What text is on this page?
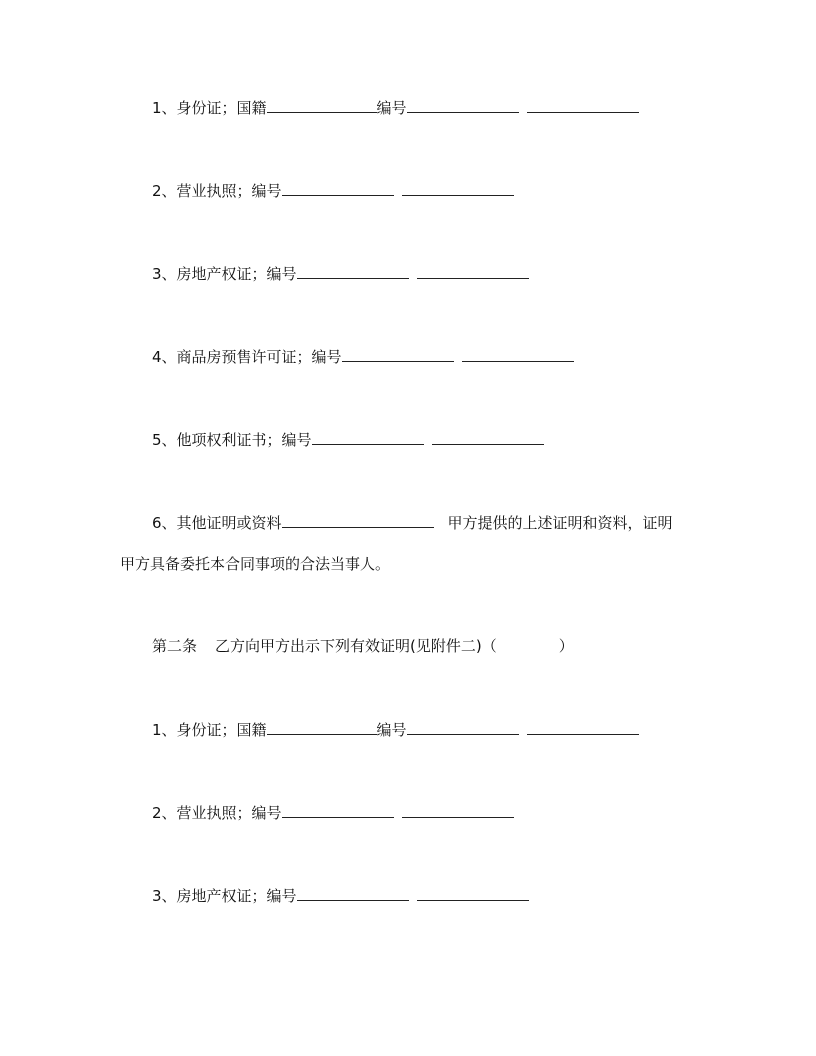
1、身份证；国籍	编号
2、营业执照；编号
3、房地产权证；编号
4、商品房预售许可证；编号
5、他项权利证书；编号
6、其他证明或资料	甲方提供的上述证明和资料，证明
甲方具备委托本合同事项的合法当事人。
第二条 乙方向甲方出示下列有效证明(见附件二)（	）
1、身份证；国籍	编号
2、营业执照；编号
3、房地产权证；编号
